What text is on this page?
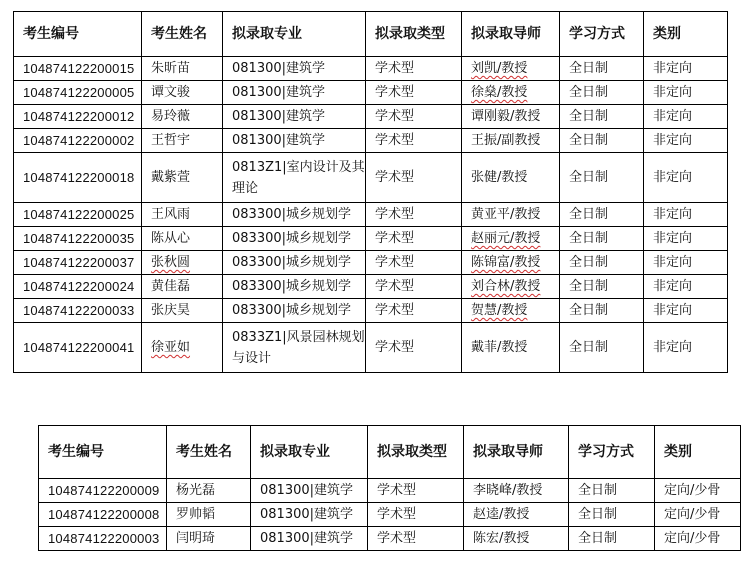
考生编号	考生姓名	拟录取专业	拟录取类型	拟录取导师	学习方式	类别
104874122200015	朱昕苗	081300|建筑学	学术型	刘凯/教授	全日制	非定向
104874122200005	谭文骏	081300|建筑学	学术型	徐燊/教授	全日制	非定向
104874122200012	易玲薇	081300|建筑学	学术型	谭刚毅/教授	全日制	非定向
104874122200002	王哲宇	081300|建筑学	学术型	王振/副教授	全日制	非定向
104874122200018	戴紫萱	0813Z1|室内设计及其理论	学术型	张健/教授	全日制	非定向
104874122200025	王风雨	083300|城乡规划学	学术型	黄亚平/教授	全日制	非定向
104874122200035	陈从心	083300|城乡规划学	学术型	赵丽元/教授	全日制	非定向
104874122200037	张秋圆	083300|城乡规划学	学术型	陈锦富/教授	全日制	非定向
104874122200024	黄佳磊	083300|城乡规划学	学术型	刘合林/教授	全日制	非定向
104874122200033	张庆昊	083300|城乡规划学	学术型	贺慧/教授	全日制	非定向
104874122200041	徐亚如	0833Z1|风景园林规划与设计	学术型	戴菲/教授	全日制	非定向
考生编号	考生姓名	拟录取专业	拟录取类型	拟录取导师	学习方式	类别
104874122200009	杨光磊	081300|建筑学	学术型	李晓峰/教授	全日制	定向/少骨
104874122200008	罗帅韬	081300|建筑学	学术型	赵逵/教授	全日制	定向/少骨
104874122200003	闫明琦	081300|建筑学	学术型	陈宏/教授	全日制	定向/少骨
